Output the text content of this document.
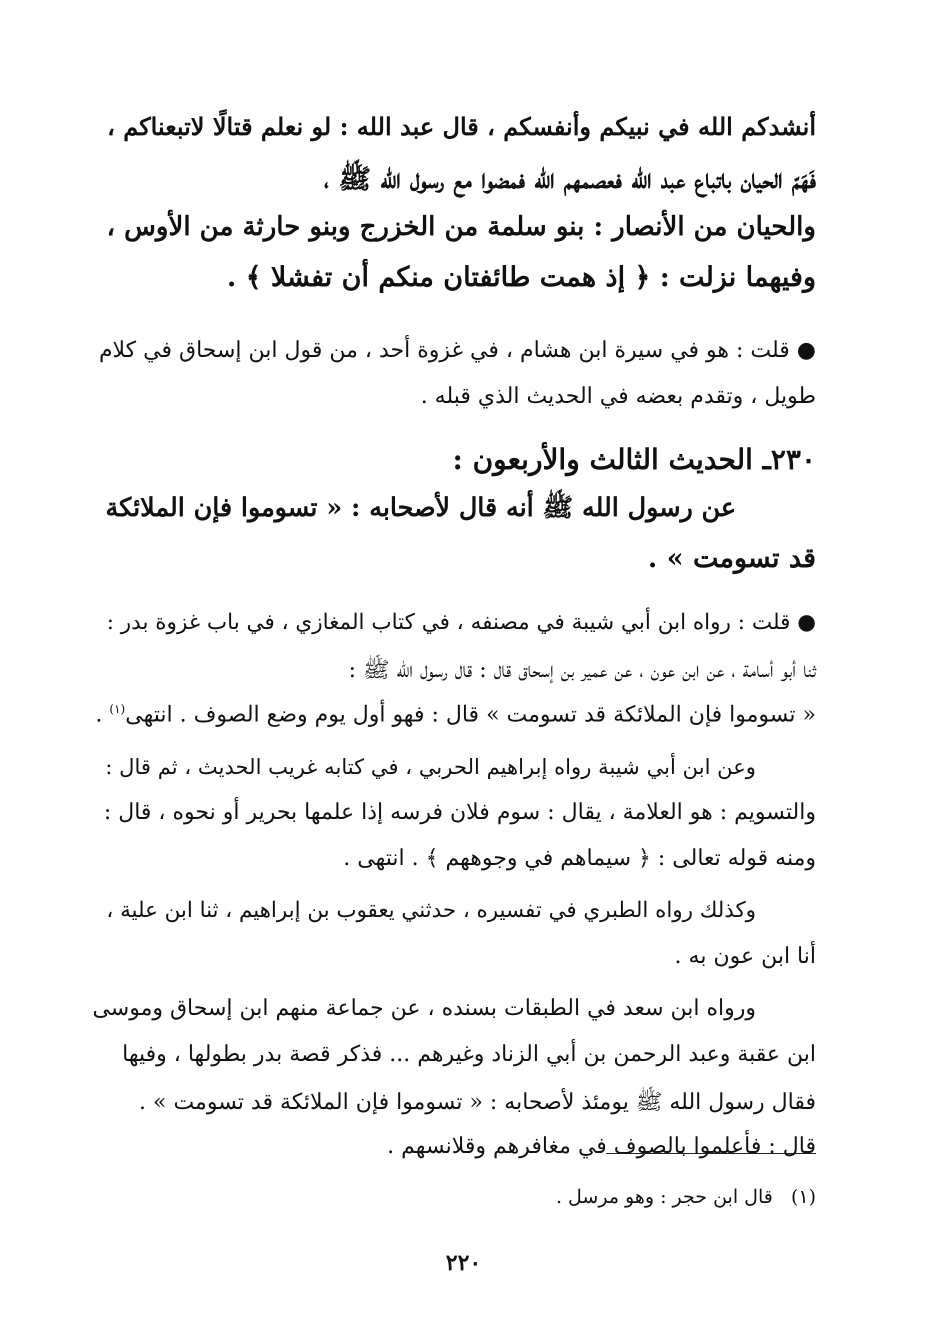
أنشدكم الله في نبيكم وأنفسكم ، قال عبد الله : لو نعلم قتالًا لاتبعناكم ،
فَهَمّ الحيان باتباع عبد الله فعصمهم الله فمضوا مع رسول الله ﷺ ،
والحيان من الأنصار : بنو سلمة من الخزرج وبنو حارثة من الأوس ،
وفيهما نزلت : ﴿ إذ همت طائفتان منكم أن تفشلا ﴾ .
● قلت : هو في سيرة ابن هشام ، في غزوة أحد ، من قول ابن إسحاق في كلام
طويل ، وتقدم بعضه في الحديث الذي قبله .
٢٣٠ـ الحديث الثالث والأربعون :
عن رسول الله ﷺ أنه قال لأصحابه : « تسوموا فإن الملائكة
قد تسومت » .
● قلت : رواه ابن أبي شيبة في مصنفه ، في كتاب المغازي ، في باب غزوة بدر :
ثنا أبو أسامة ، عن ابن عون ، عن عمير بن إسحاق قال : قال رسول الله ﷺ :
« تسوموا فإن الملائكة قد تسومت » قال : فهو أول يوم وضع الصوف . انتهى$^{(١)}$ .
وعن ابن أبي شيبة رواه إبراهيم الحربي ، في كتابه غريب الحديث ، ثم قال :
والتسويم : هو العلامة ، يقال : سوم فلان فرسه إذا علمها بحرير أو نحوه ، قال :
ومنه قوله تعالى : ﴿ سيماهم في وجوههم ﴾ . انتهى .
وكذلك رواه الطبري في تفسيره ، حدثني يعقوب بن إبراهيم ، ثنا ابن علية ،
أنا ابن عون به .
ورواه ابن سعد في الطبقات بسنده ، عن جماعة منهم ابن إسحاق وموسى
ابن عقبة وعبد الرحمن بن أبي الزناد وغيرهم ... فذكر قصة بدر بطولها ، وفيها
فقال رسول الله ﷺ يومئذ لأصحابه : « تسوموا فإن الملائكة قد تسومت » .
قال : فأعلموا بالصوف في مغافرهم وقلانسهم .
(١)   قال ابن حجر : وهو مرسل .
٢٢٠
